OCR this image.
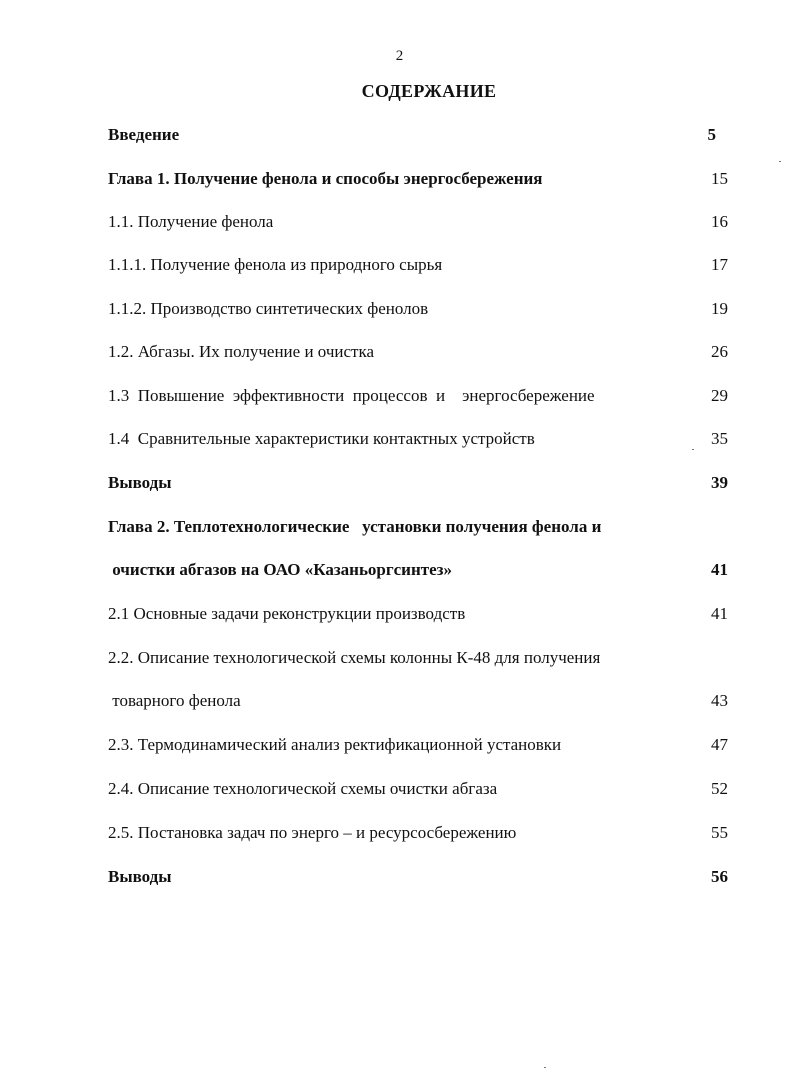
2
СОДЕРЖАНИЕ
Введение	5
Глава 1. Получение фенола и способы энергосбережения	15
1.1. Получение фенола	16
1.1.1. Получение фенола из природного сырья	17
1.1.2. Производство синтетических фенолов	19
1.2. Абгазы. Их получение и очистка	26
1.3  Повышение  эффективности  процессов  и    энергосбережение	29
1.4  Сравнительные характеристики контактных устройств	35
Выводы	39
Глава 2. Теплотехнологические   установки получения фенола и
очистки абгазов на ОАО «Казаньоргсинтез»	41
2.1 Основные задачи реконструкции производств	41
2.2. Описание технологической схемы колонны К-48 для получения
товарного фенола	43
2.3. Термодинамический анализ ректификационной установки	47
2.4. Описание технологической схемы очистки абгаза	52
2.5. Постановка задач по энерго – и ресурсосбережению	55
Выводы	56
